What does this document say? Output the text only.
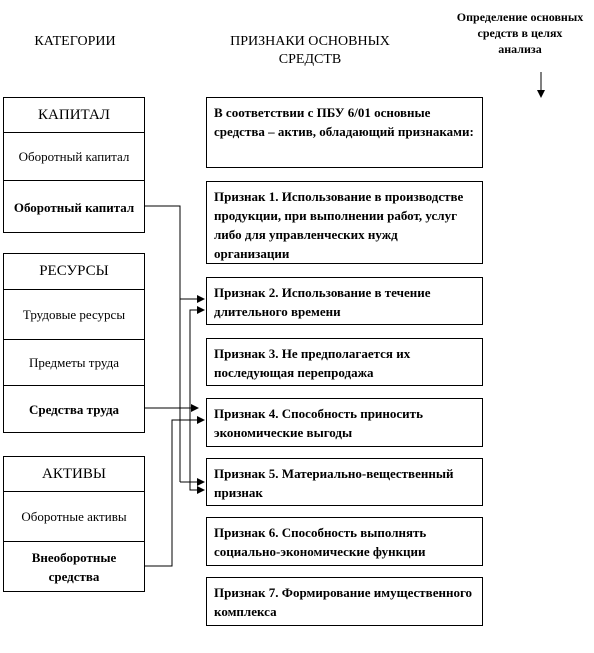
КАТЕГОРИИ	ПРИЗНАКИ ОСНОВНЫХ СРЕДСТВ
Определение основных средств в целях анализа
КАПИТАЛ
Оборотный капитал
Оборотный капитал
РЕСУРСЫ
Трудовые ресурсы
Предметы труда
Средства труда
АКТИВЫ
Оборотные активы
Внеоборотные средства
В соответствии с ПБУ 6/01 основные средства – актив, обладающий признаками:
Признак 1. Использование в производстве продукции, при выполнении работ, услуг либо для управленческих нужд организации
Признак 2. Использование в течение длительного времени
Признак 3. Не предполагается их последующая перепродажа
Признак 4. Способность приносить экономические выгоды
Признак 5. Материально-вещественный признак
Признак 6. Способность выполнять социально-экономические функции
Признак 7. Формирование имущественного комплекса
